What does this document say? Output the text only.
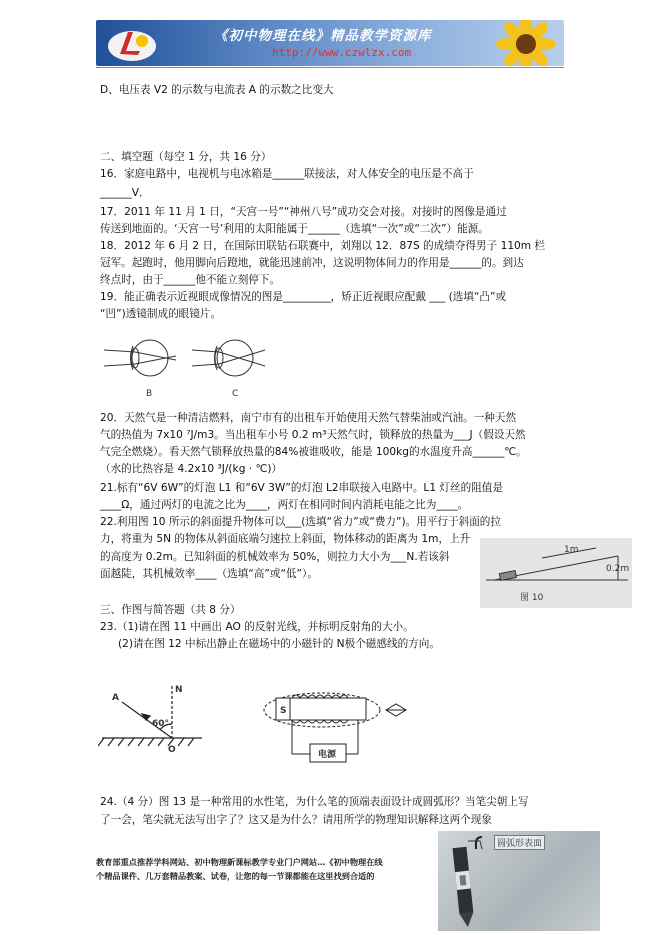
《初中物理在线》精品教学资源库
http://www.czwlzx.com
D、电压表 V2 的示数与电流表 A 的示数之比变大
二、填空题（每空 1 分，共 16 分）
16．家庭电路中，电视机与电冰箱是______联接法，对人体安全的电压是不高于
______V．
17．2011 年 11 月 1 日，“天宫一号”“神州八号”成功交会对接。对接时的图像是通过
传送到地面的。‘天宫一号’利用的太阳能属于______（选填“一次”或“二次”）能源。
18．2012 年 6 月 2 日，在国际田联钻石联赛中，刘翔以 12．87S 的成绩夺得男子 110m 栏
冠军。起跑时，他用脚向后蹬地，就能迅速前冲，这说明物体间力的作用是______的。到达
终点时，由于______他不能立刻停下。
19．能正确表示近视眼成像情况的图是_________，矫正近视眼应配戴 ___ (选填“凸”或
“凹”)透镜制成的眼镜片。
B	C
20．天然气是一种清洁燃料，南宁市有的出租车开始使用天然气替柴油或汽油。一种天然
气的热值为 7x10 ⁷J/m3。当出租车小号 0.2 m³天然气时，锁释放的热量为___J（假设天然
气完全燃烧）。看天然气锁释放热量的84%被谁吸收，能是 100kg的水温度升高______℃。
（水的比热容是 4.2x10 ³J/(kg · ℃)）
21.标有“6V 6W”的灯泡 L1 和“6V 3W”的灯泡 L2串联接入电路中。L1 灯丝的阻值是
____Ω，通过两灯的电流之比为____，两灯在相同时间内消耗电能之比为____。
22.利用图 10 所示的斜面提升物体可以___(选填“省力”或“费力”)。用平行于斜面的拉
力，将重为 5N 的物体从斜面底端匀速拉上斜面，物体移动的距离为 1m，上升
的高度为 0.2m。已知斜面的机械效率为 50%，则拉力大小为___N.若该斜
面越陡，其机械效率____（选填“高”或“低”）。
1m
0.2m
图 10
三、作图与简答题（共 8 分）
23.（1)请在图 11 中画出 AO 的反射光线，并标明反射角的大小。
(2)请在图 12 中标出静止在磁场中的小磁针的 N极个磁感线的方向。
A
N
60°
O
S
电源
24.（4 分）图 13 是一种常用的水性笔，为什么笔的顶端表面设计成圆弧形？当笔尖朝上写
了一会，笔尖就无法写出字了？这又是为什么？请用所学的物理知识解释这两个现象
教育部重点推荐学科网站、初中物理新课标教学专业门户网站…《初中物理在线
个精品课件、几万套精品教案、试卷，让您的每一节课都能在这里找到合适的
圆弧形表面
